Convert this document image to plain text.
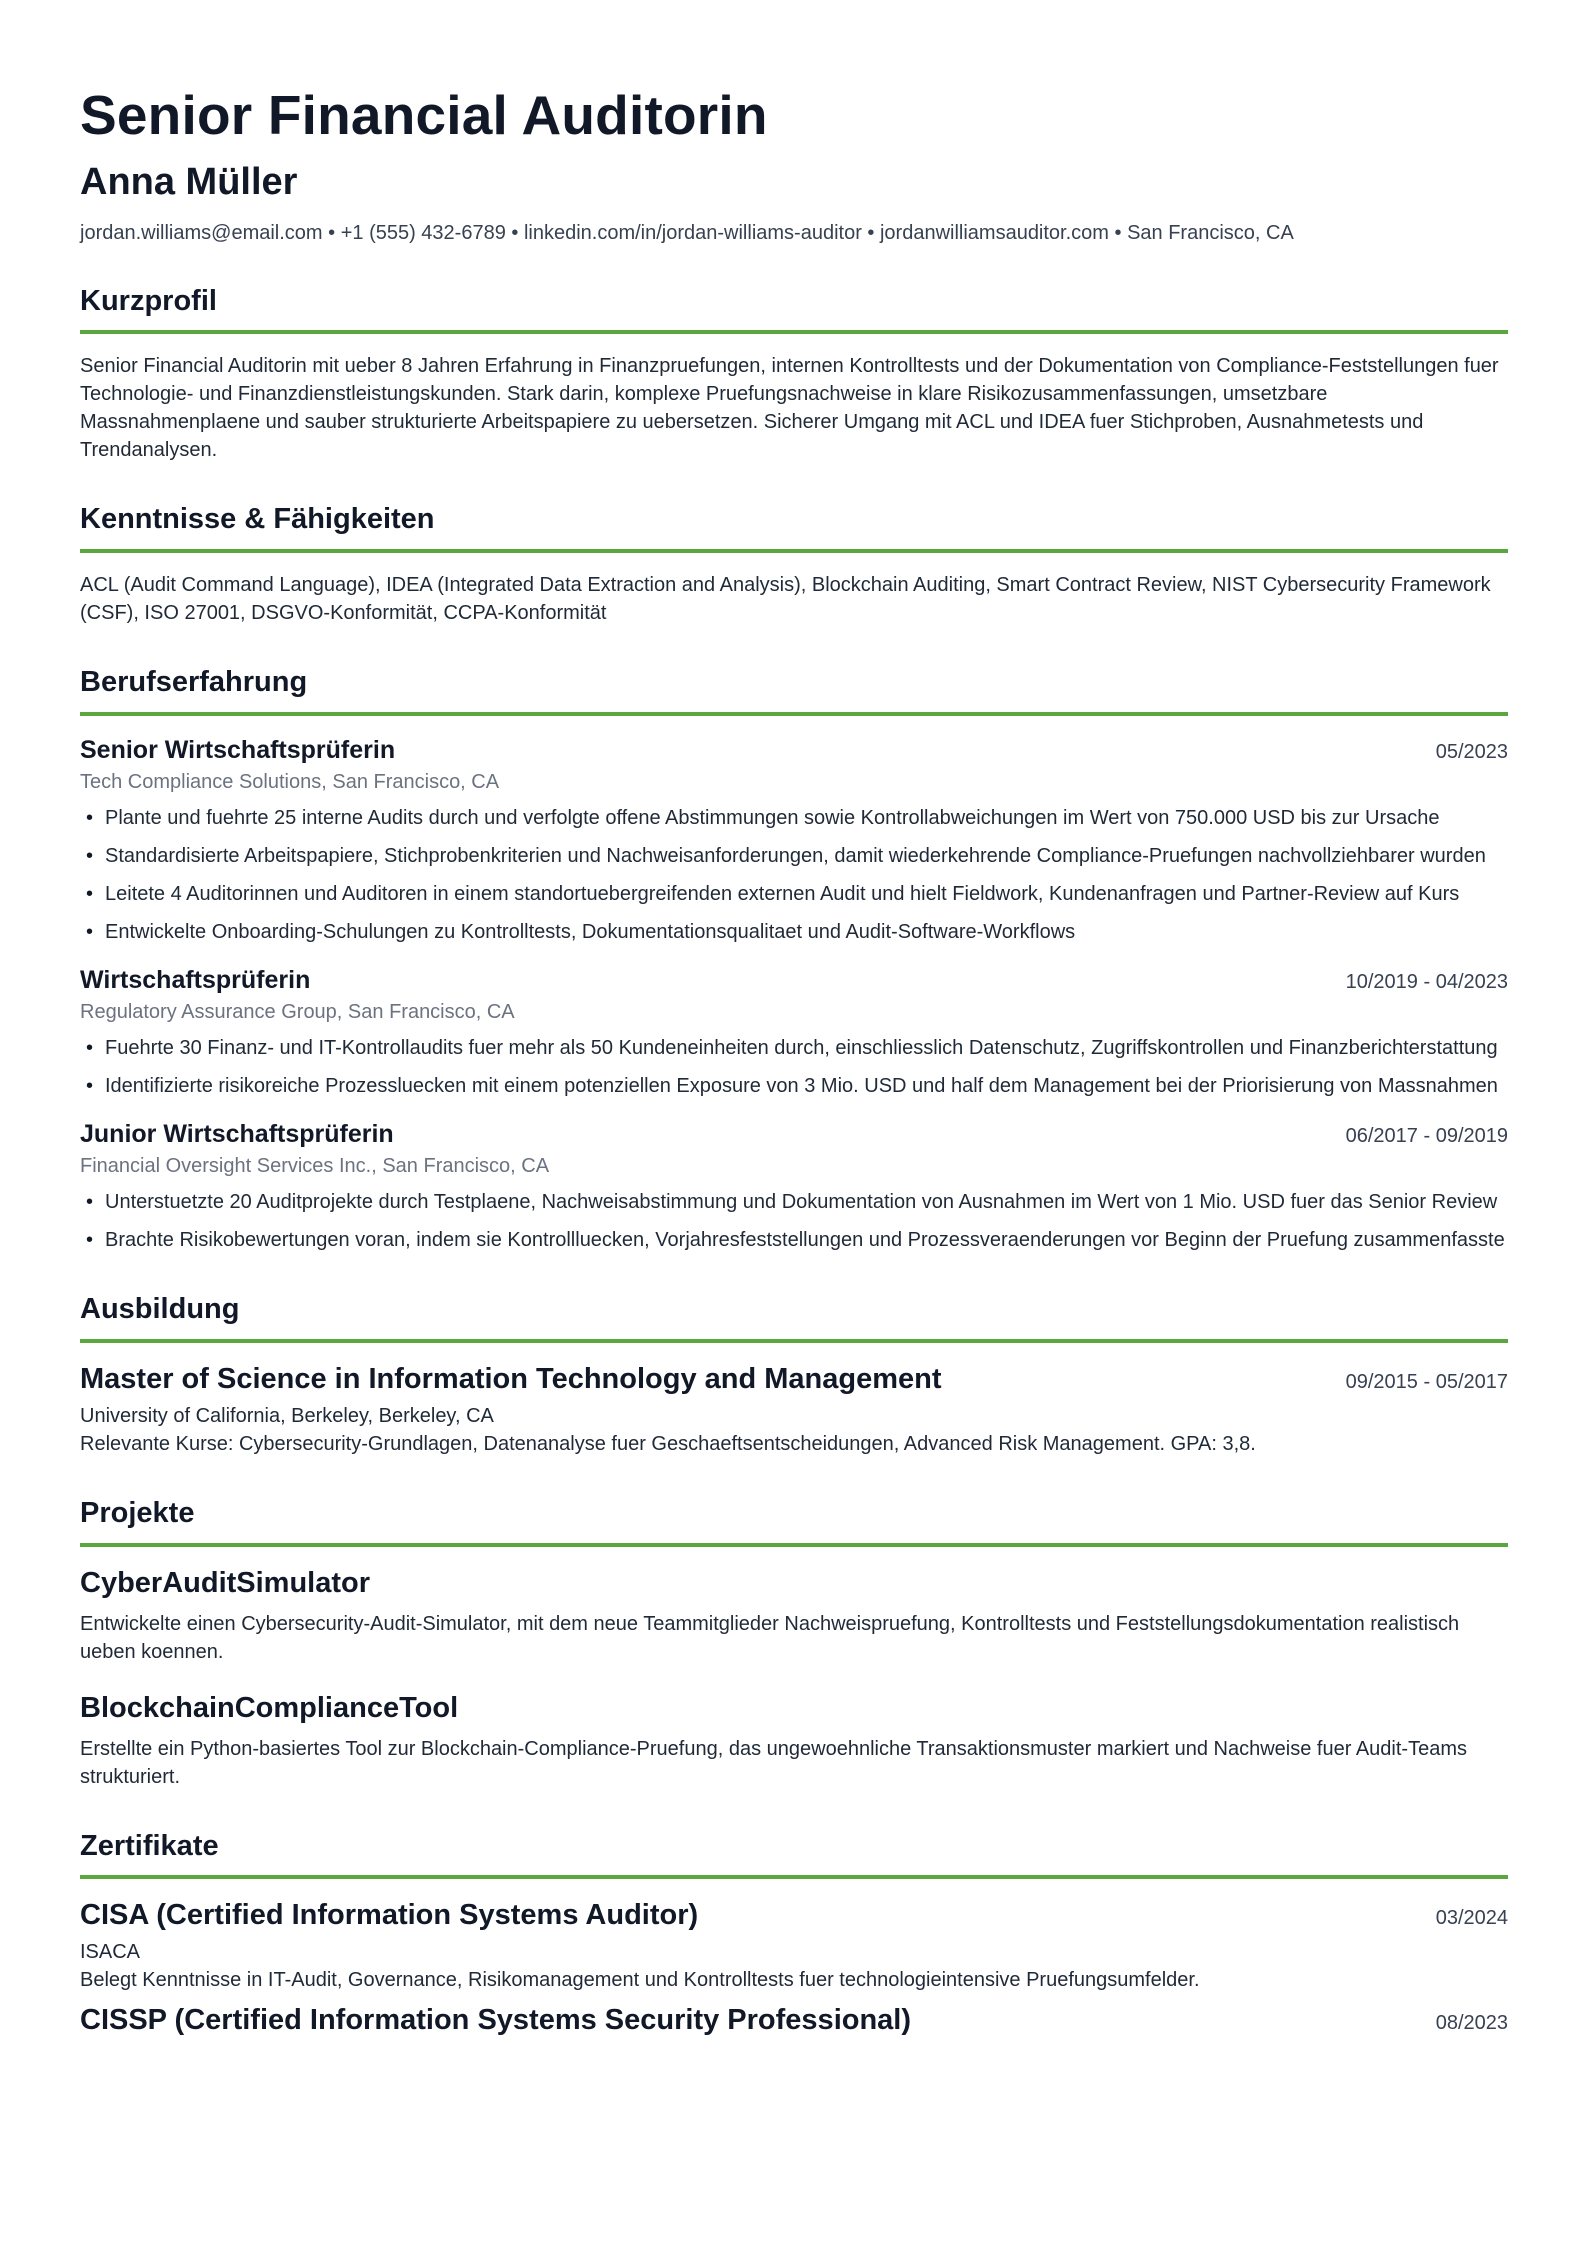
Senior Financial Auditorin
Anna Müller
jordan.williams@email.com • +1 (555) 432-6789 • linkedin.com/in/jordan-williams-auditor • jordanwilliamsauditor.com • San Francisco, CA
Kurzprofil
Senior Financial Auditorin mit ueber 8 Jahren Erfahrung in Finanzpruefungen, internen Kontrolltests und der Dokumentation von Compliance-Feststellungen fuer Technologie- und Finanzdienstleistungskunden. Stark darin, komplexe Pruefungsnachweise in klare Risikozusammenfassungen, umsetzbare Massnahmenplaene und sauber strukturierte Arbeitspapiere zu uebersetzen. Sicherer Umgang mit ACL und IDEA fuer Stichproben, Ausnahmetests und Trendanalysen.
Kenntnisse & Fähigkeiten
ACL (Audit Command Language), IDEA (Integrated Data Extraction and Analysis), Blockchain Auditing, Smart Contract Review, NIST Cybersecurity Framework (CSF), ISO 27001, DSGVO-Konformität, CCPA-Konformität
Berufserfahrung
Senior Wirtschaftsprüferin	05/2023
Tech Compliance Solutions, San Francisco, CA
• Plante und fuehrte 25 interne Audits durch und verfolgte offene Abstimmungen sowie Kontrollabweichungen im Wert von 750.000 USD bis zur Ursache
• Standardisierte Arbeitspapiere, Stichprobenkriterien und Nachweisanforderungen, damit wiederkehrende Compliance-Pruefungen nachvollziehbarer wurden
• Leitete 4 Auditorinnen und Auditoren in einem standortuebergreifenden externen Audit und hielt Fieldwork, Kundenanfragen und Partner-Review auf Kurs
• Entwickelte Onboarding-Schulungen zu Kontrolltests, Dokumentationsqualitaet und Audit-Software-Workflows
Wirtschaftsprüferin	10/2019 - 04/2023
Regulatory Assurance Group, San Francisco, CA
• Fuehrte 30 Finanz- und IT-Kontrollaudits fuer mehr als 50 Kundeneinheiten durch, einschliesslich Datenschutz, Zugriffskontrollen und Finanzberichterstattung
• Identifizierte risikoreiche Prozessluecken mit einem potenziellen Exposure von 3 Mio. USD und half dem Management bei der Priorisierung von Massnahmen
Junior Wirtschaftsprüferin	06/2017 - 09/2019
Financial Oversight Services Inc., San Francisco, CA
• Unterstuetzte 20 Auditprojekte durch Testplaene, Nachweisabstimmung und Dokumentation von Ausnahmen im Wert von 1 Mio. USD fuer das Senior Review
• Brachte Risikobewertungen voran, indem sie Kontrollluecken, Vorjahresfeststellungen und Prozessveraenderungen vor Beginn der Pruefung zusammenfasste
Ausbildung
Master of Science in Information Technology and Management	09/2015 - 05/2017
University of California, Berkeley, Berkeley, CA
Relevante Kurse: Cybersecurity-Grundlagen, Datenanalyse fuer Geschaeftsentscheidungen, Advanced Risk Management. GPA: 3,8.
Projekte
CyberAuditSimulator
Entwickelte einen Cybersecurity-Audit-Simulator, mit dem neue Teammitglieder Nachweispruefung, Kontrolltests und Feststellungsdokumentation realistisch ueben koennen.
BlockchainComplianceTool
Erstellte ein Python-basiertes Tool zur Blockchain-Compliance-Pruefung, das ungewoehnliche Transaktionsmuster markiert und Nachweise fuer Audit-Teams strukturiert.
Zertifikate
CISA (Certified Information Systems Auditor)	03/2024
ISACA
Belegt Kenntnisse in IT-Audit, Governance, Risikomanagement und Kontrolltests fuer technologieintensive Pruefungsumfelder.
CISSP (Certified Information Systems Security Professional)	08/2023
